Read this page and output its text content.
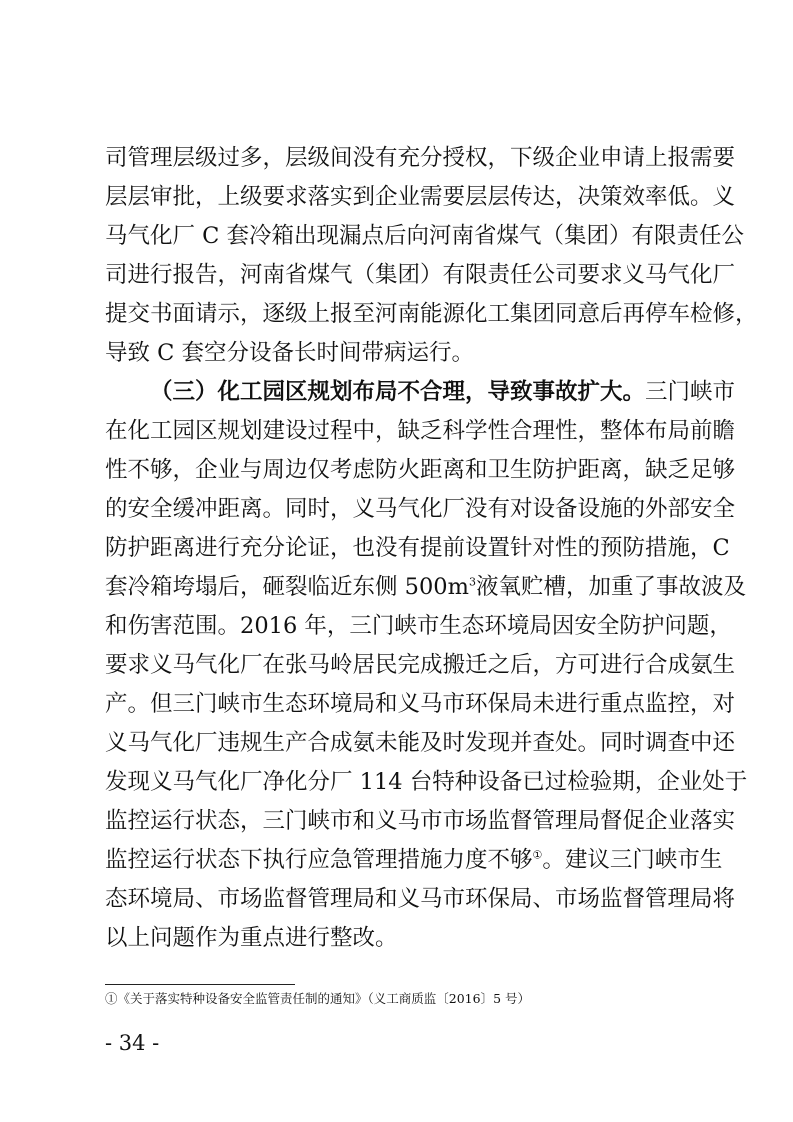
司管理层级过多，层级间没有充分授权，下级企业申请上报需要
层层审批，上级要求落实到企业需要层层传达，决策效率低。义
马气化厂 C 套冷箱出现漏点后向河南省煤气（集团）有限责任公
司进行报告，河南省煤气（集团）有限责任公司要求义马气化厂
提交书面请示，逐级上报至河南能源化工集团同意后再停车检修，
导致 C 套空分设备长时间带病运行。
（三）化工园区规划布局不合理，导致事故扩大。三门峡市
在化工园区规划建设过程中，缺乏科学性合理性，整体布局前瞻
性不够，企业与周边仅考虑防火距离和卫生防护距离，缺乏足够
的安全缓冲距离。同时，义马气化厂没有对设备设施的外部安全
防护距离进行充分论证，也没有提前设置针对性的预防措施，C
套冷箱垮塌后，砸裂临近东侧 $500m^3$液氧贮槽，加重了事故波及
和伤害范围。2016 年，三门峡市生态环境局因安全防护问题，
要求义马气化厂在张马岭居民完成搬迁之后，方可进行合成氨生
产。但三门峡市生态环境局和义马市环保局未进行重点监控，对
义马气化厂违规生产合成氨未能及时发现并查处。同时调查中还
发现义马气化厂净化分厂 114 台特种设备已过检验期，企业处于
监控运行状态，三门峡市和义马市市场监督管理局督促企业落实
监控运行状态下执行应急管理措施力度不够①。建议三门峡市生
态环境局、市场监督管理局和义马市环保局、市场监督管理局将
以上问题作为重点进行整改。
①《关于落实特种设备安全监管责任制的通知》（义工商质监〔2016〕5 号）
- 34 -
